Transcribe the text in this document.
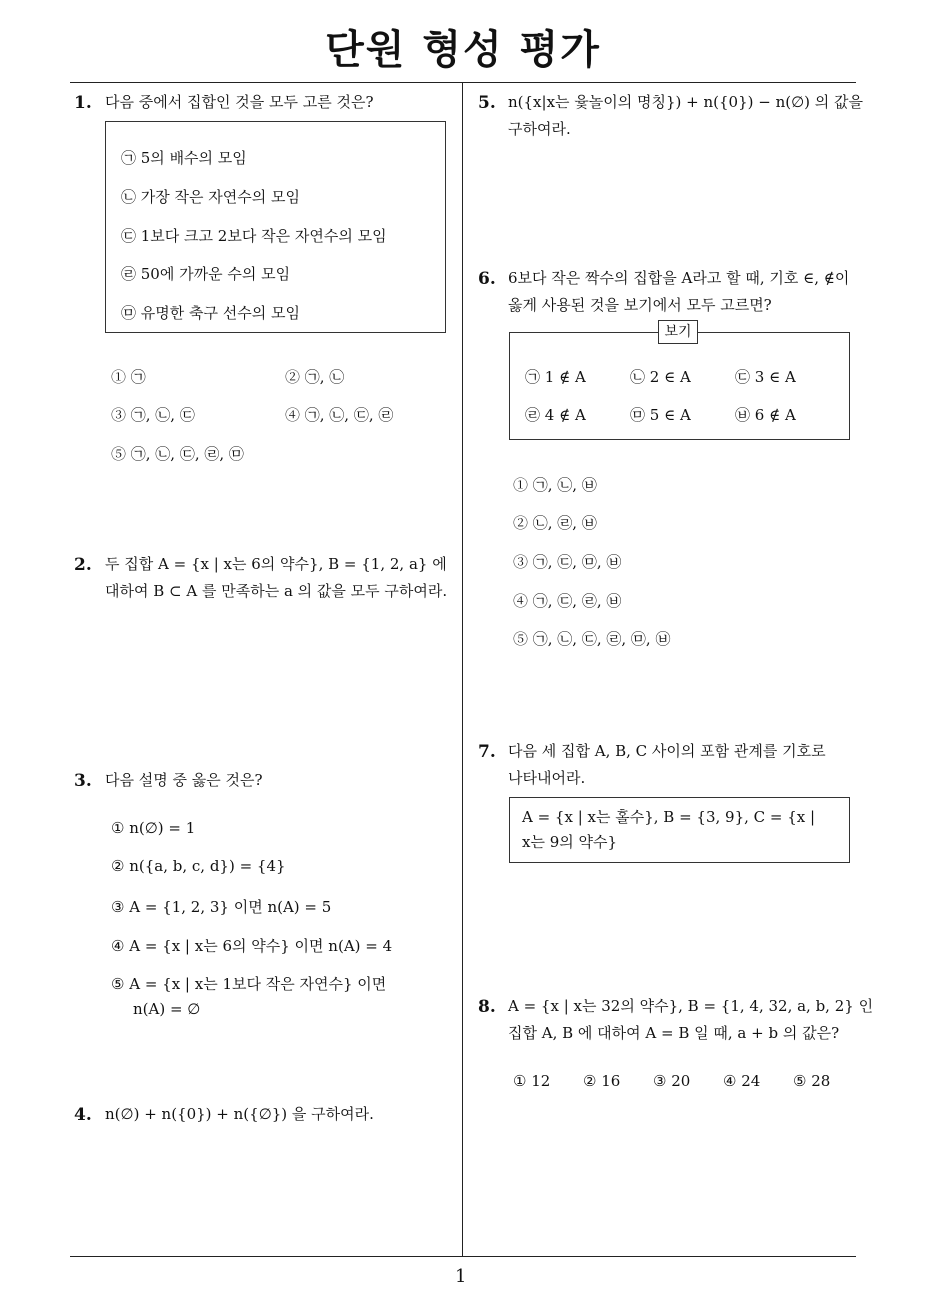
단원 형성 평가
1
1. 다음 중에서 집합인 것을 모두 고른 것은?
㉠ 5의 배수의 모임
㉡ 가장 작은 자연수의 모임
㉢ 1보다 크고 2보다 작은 자연수의 모임
㉣ 50에 가까운 수의 모임
㉤ 유명한 축구 선수의 모임
① ㉠	② ㉠, ㉡
③ ㉠, ㉡, ㉢	④ ㉠, ㉡, ㉢, ㉣
⑤ ㉠, ㉡, ㉢, ㉣, ㉤
2. 두 집합 A = {x | x는 6의 약수}, B = {1, 2, a} 에
대하여 B ⊂ A 를 만족하는 a 의 값을 모두 구하여라.
3. 다음 설명 중 옳은 것은?
① n(∅) = 1
② n({a, b, c, d}) = {4}
③ A = {1, 2, 3} 이면 n(A) = 5
④ A = {x | x는 6의 약수} 이면 n(A) = 4
⑤ A = {x | x는 1보다 작은 자연수} 이면
n(A) = ∅
4. n(∅) + n({0}) + n({∅}) 을 구하여라.
5. n({x|x는 윷놀이의 명칭}) + n({0}) − n(∅) 의 값을
구하여라.
6. 6보다 작은 짝수의 집합을 A라고 할 때, 기호 ∈, ∉이
옳게 사용된 것을 보기에서 모두 고르면?
보기
㉠ 1 ∉ A	㉡ 2 ∈ A	㉢ 3 ∈ A
㉣ 4 ∉ A	㉤ 5 ∈ A	㉥ 6 ∉ A
① ㉠, ㉡, ㉥
② ㉡, ㉣, ㉥
③ ㉠, ㉢, ㉤, ㉥
④ ㉠, ㉢, ㉣, ㉥
⑤ ㉠, ㉡, ㉢, ㉣, ㉤, ㉥
7. 다음 세 집합 A, B, C 사이의 포함 관계를 기호로
나타내어라.
A = {x | x는 홀수}, B = {3, 9}, C = {x |
x는 9의 약수}
8. A = {x | x는 32의 약수}, B = {1, 4, 32, a, b, 2} 인
집합 A, B 에 대하여 A = B 일 때, a + b 의 값은?
① 12 ② 16 ③ 20 ④ 24 ⑤ 28
